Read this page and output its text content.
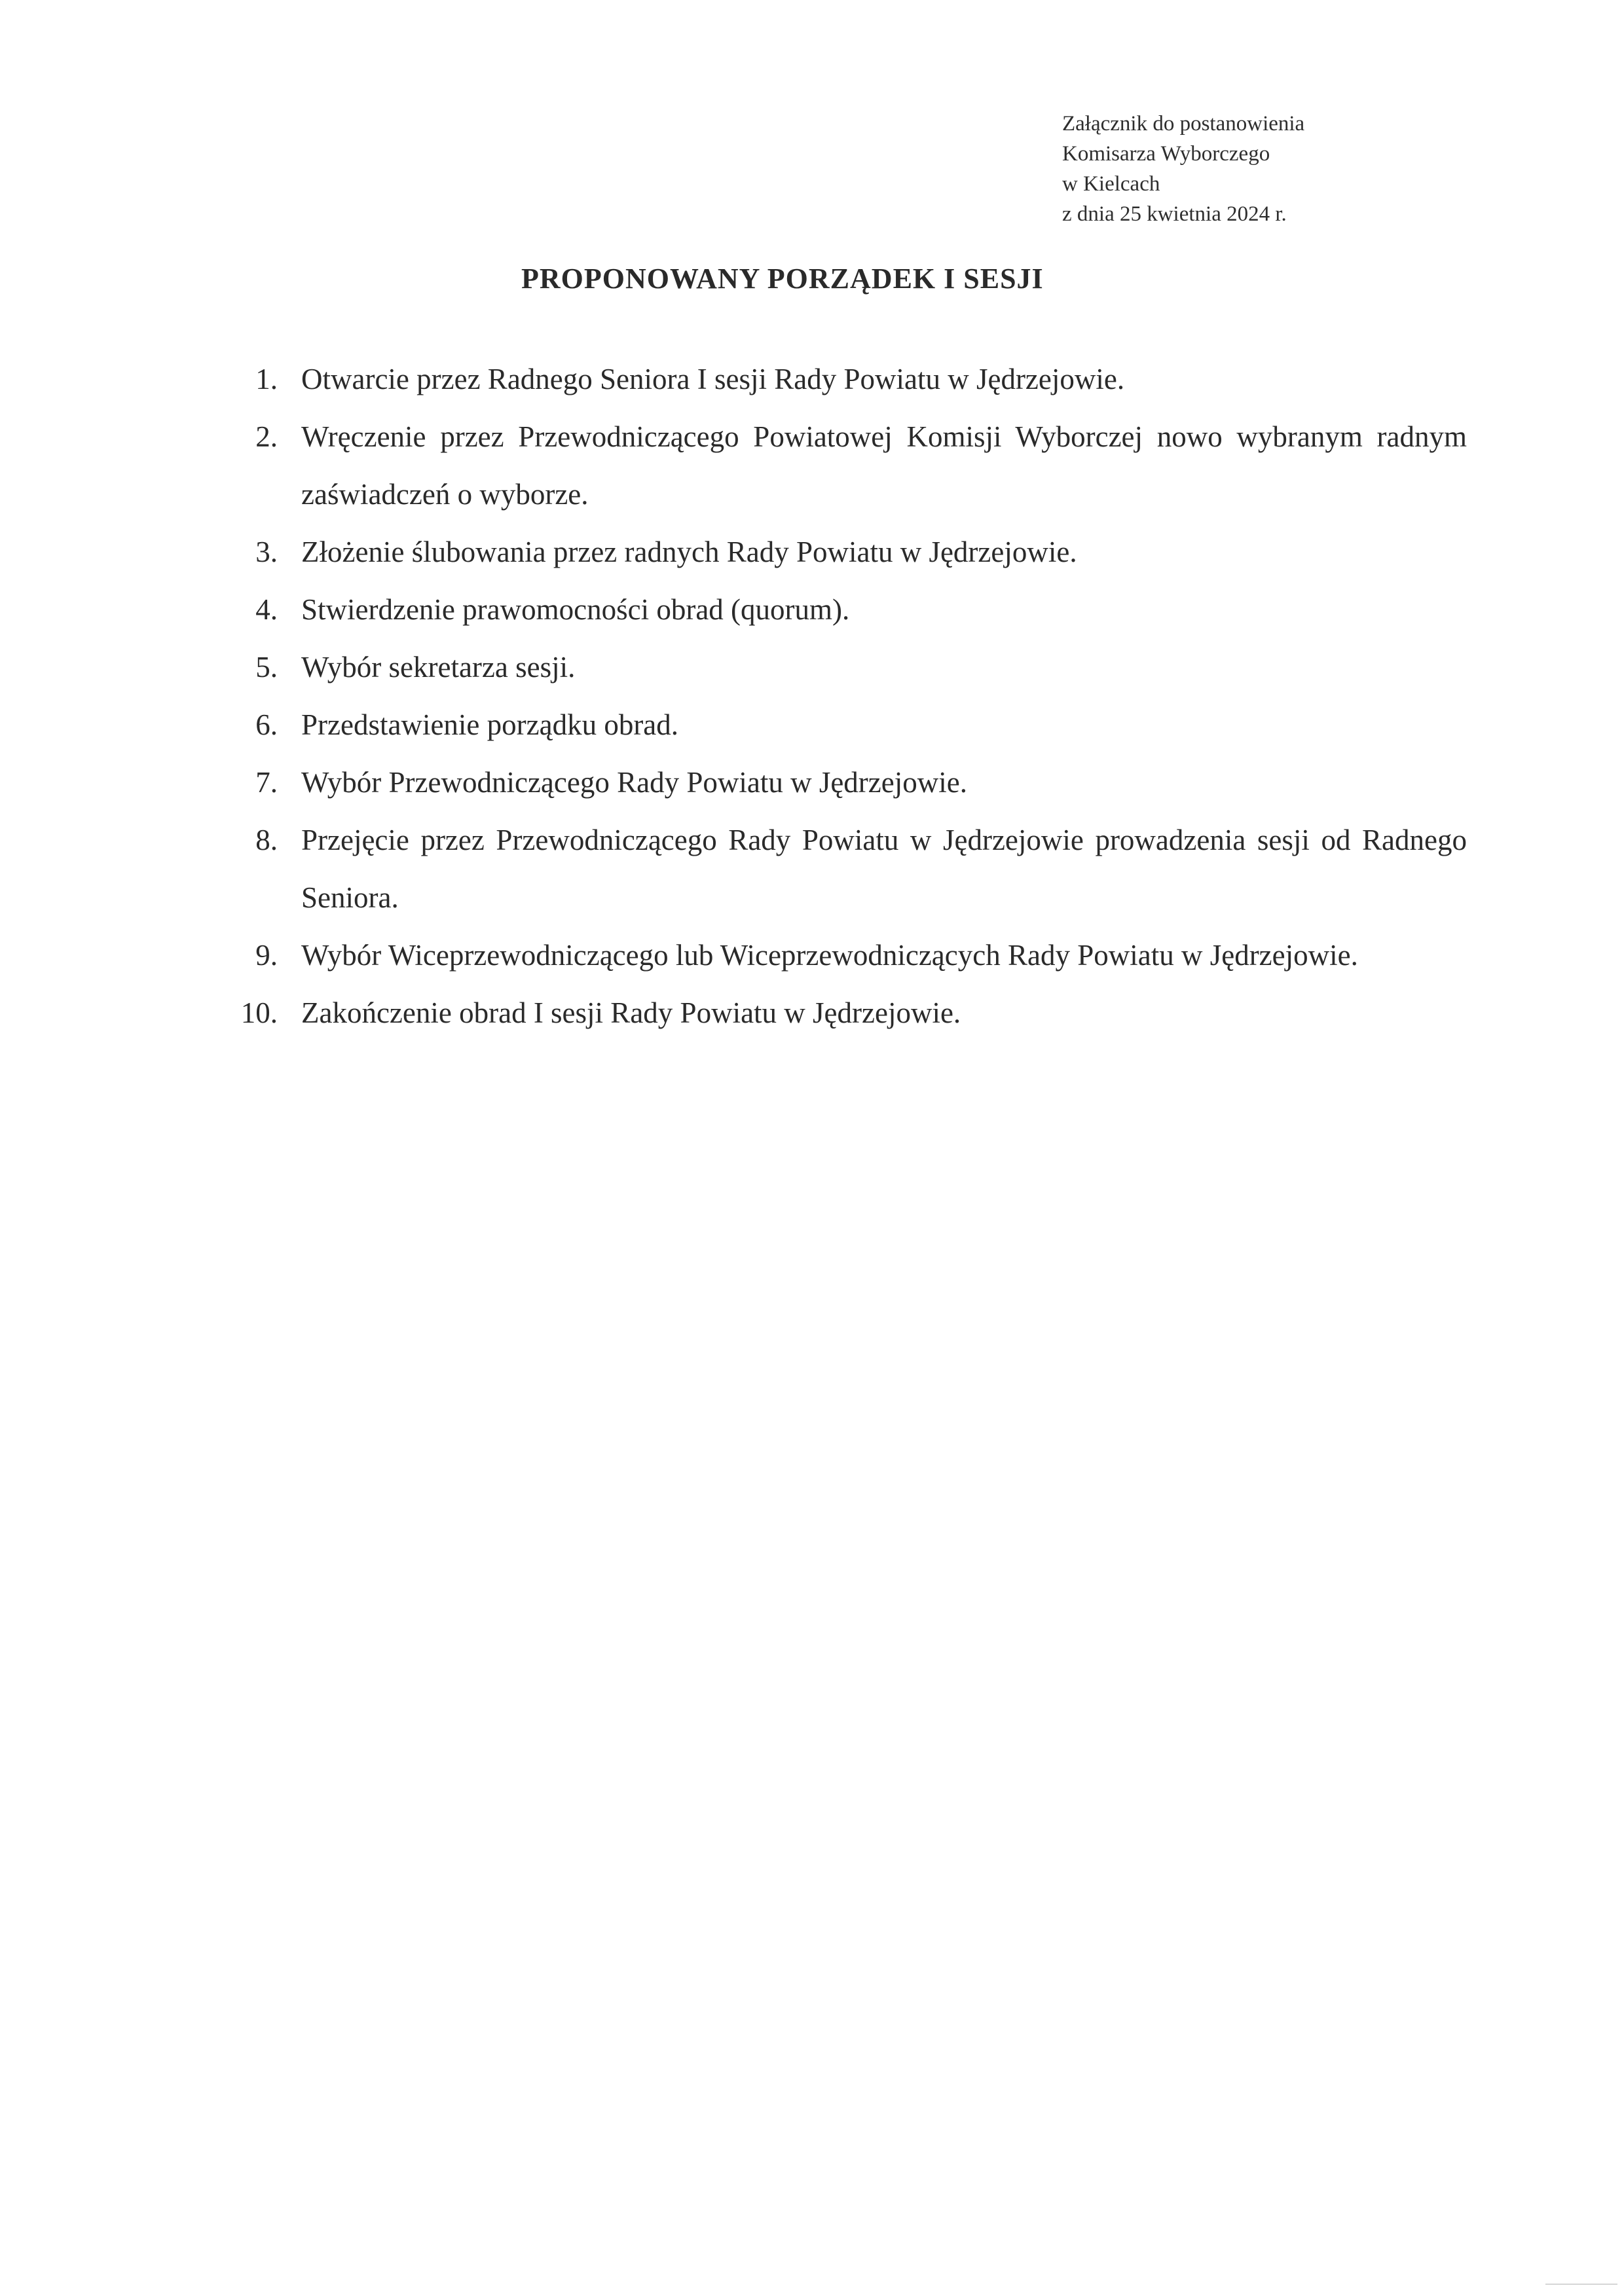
Załącznik do postanowienia
Komisarza Wyborczego
w Kielcach
z dnia 25 kwietnia 2024 r.
PROPONOWANY PORZĄDEK I SESJI
1. Otwarcie przez Radnego Seniora I sesji Rady Powiatu w Jędrzejowie.
2. Wręczenie przez Przewodniczącego Powiatowej Komisji Wyborczej nowo wybranym radnym zaświadczeń o wyborze.
3. Złożenie ślubowania przez radnych Rady Powiatu w Jędrzejowie.
4. Stwierdzenie prawomocności obrad (quorum).
5. Wybór sekretarza sesji.
6. Przedstawienie porządku obrad.
7. Wybór Przewodniczącego Rady Powiatu w Jędrzejowie.
8. Przejęcie przez Przewodniczącego Rady Powiatu w Jędrzejowie prowadzenia sesji od Radnego Seniora.
9. Wybór Wiceprzewodniczącego lub Wiceprzewodniczących Rady Powiatu w Jędrzejowie.
10. Zakończenie obrad I sesji Rady Powiatu w Jędrzejowie.
